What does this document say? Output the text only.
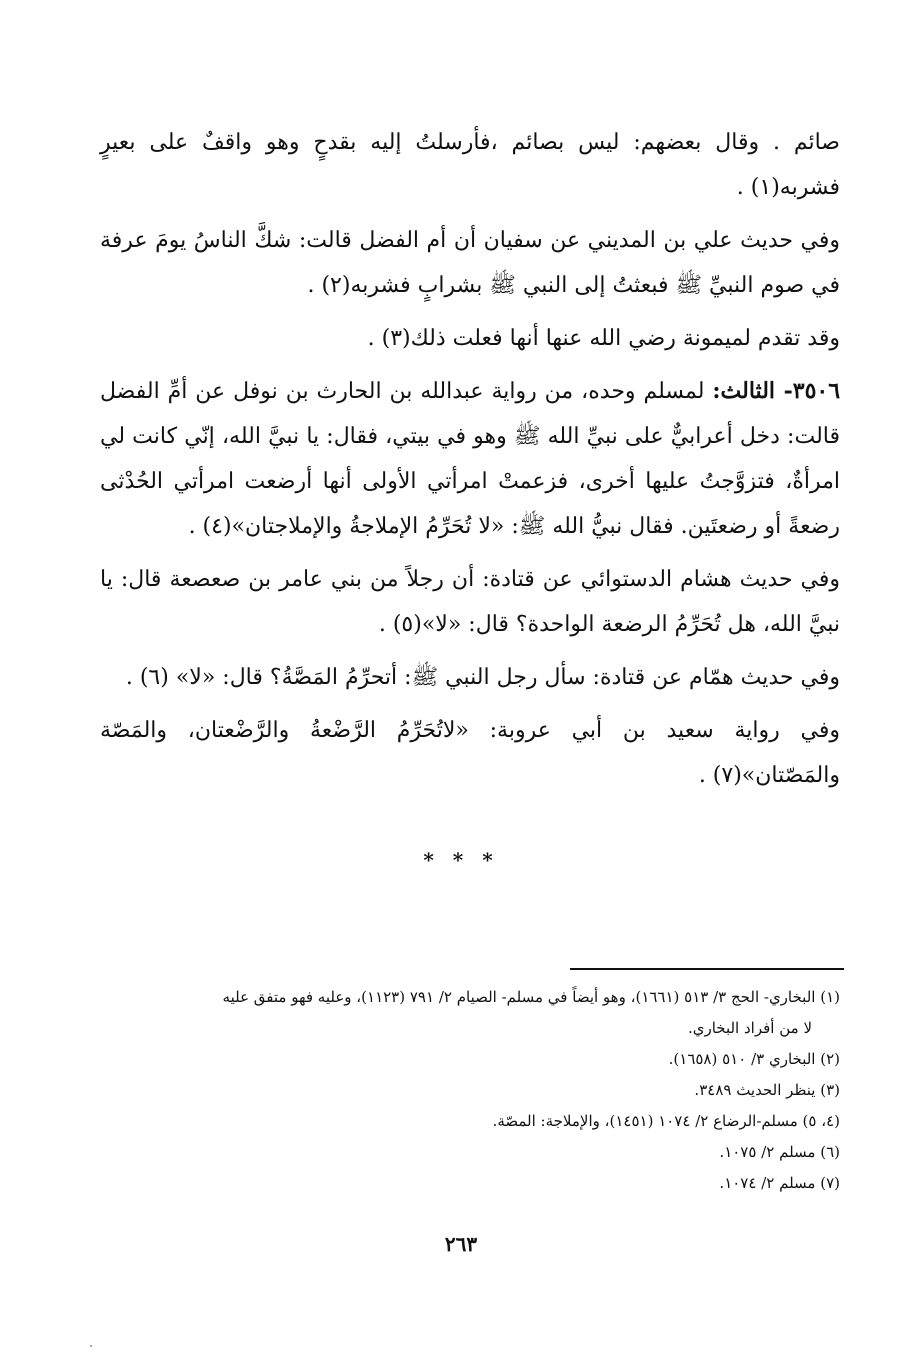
صائم . وقال بعضهم: ليس بصائم ،فأرسلتُ إليه بقدحٍ وهو واقفٌ على بعيرٍ فشربه(١) .

وفي حديث علي بن المديني عن سفيان أن أم الفضل قالت: شكَّ الناسُ يومَ عرفة في صوم النبيِّ ﷺ فبعثتُ إلى النبي ﷺ بشرابٍ فشربه(٢) .

وقد تقدم لميمونة رضي الله عنها أنها فعلت ذلك(٣) .

٣٥٠٦- الثالث: لمسلم وحده، من رواية عبدالله بن الحارث بن نوفل عن أمِّ الفضل قالت: دخل أعرابيٌّ على نبيِّ الله ﷺ وهو في بيتي، فقال: يا نبيَّ الله، إنّي كانت لي امرأةٌ، فتزوَّجتُ عليها أخرى، فزعمتْ امرأتي الأولى أنها أرضعت امرأتي الحُدْثى رضعةً أو رضعتَين. فقال نبيُّ الله ﷺ: «لا تُحَرِّمُ الإملاجةُ والإملاجتان»(٤) .

وفي حديث هشام الدستوائي عن قتادة: أن رجلاً من بني عامر بن صعصعة قال: يا نبيَّ الله، هل تُحَرِّمُ الرضعة الواحدة؟ قال: «لا»(٥) .

وفي حديث همّام عن قتادة: سأل رجل النبي ﷺ: أتحرِّمُ المَصَّةُ؟ قال: «لا» (٦) .

وفي رواية سعيد بن أبي عروبة: «لاتُحَرِّمُ الرَّضْعةُ والرَّضْعتان، والمَصّة والمَصّتان»(٧) .

* * *

(١) البخاري- الحج ٣/ ٥١٣ (١٦٦١)، وهو أيضاً في مسلم- الصيام ٢/ ٧٩١ (١١٢٣)، وعليه فهو متفق عليه

لا من أفراد البخاري.

(٢) البخاري ٣/ ٥١٠ (١٦٥٨).

(٣) ينظر الحديث ٣٤٨٩.

(٤، ٥) مسلم-الرضاع ٢/ ١٠٧٤ (١٤٥١)، والإملاجة: المصّة.

(٦) مسلم ٢/ ١٠٧٥.

(٧) مسلم ٢/ ١٠٧٤.

٢٦٣
